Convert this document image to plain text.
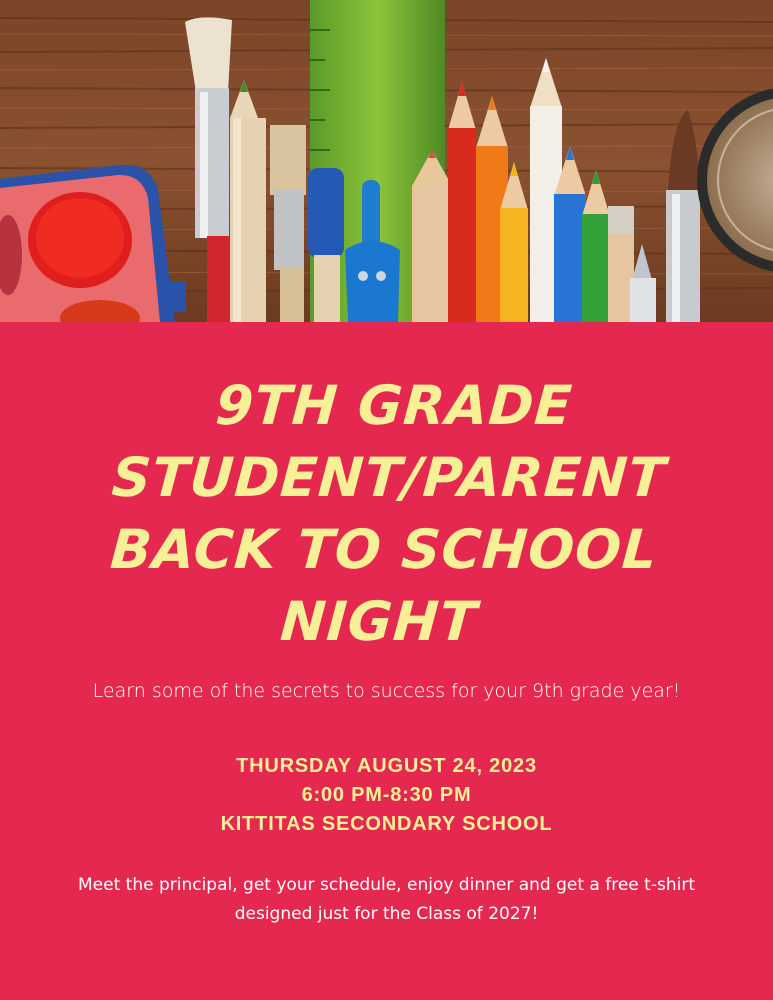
9TH GRADE
STUDENT/PARENT
BACK TO SCHOOL
NIGHT

Learn some of the secrets to success for your 9th grade year!

THURSDAY AUGUST 24, 2023
6:00 PM-8:30 PM
KITTITAS SECONDARY SCHOOL

Meet the principal, get your schedule, enjoy dinner and get a free t-shirt designed just for the Class of 2027!
